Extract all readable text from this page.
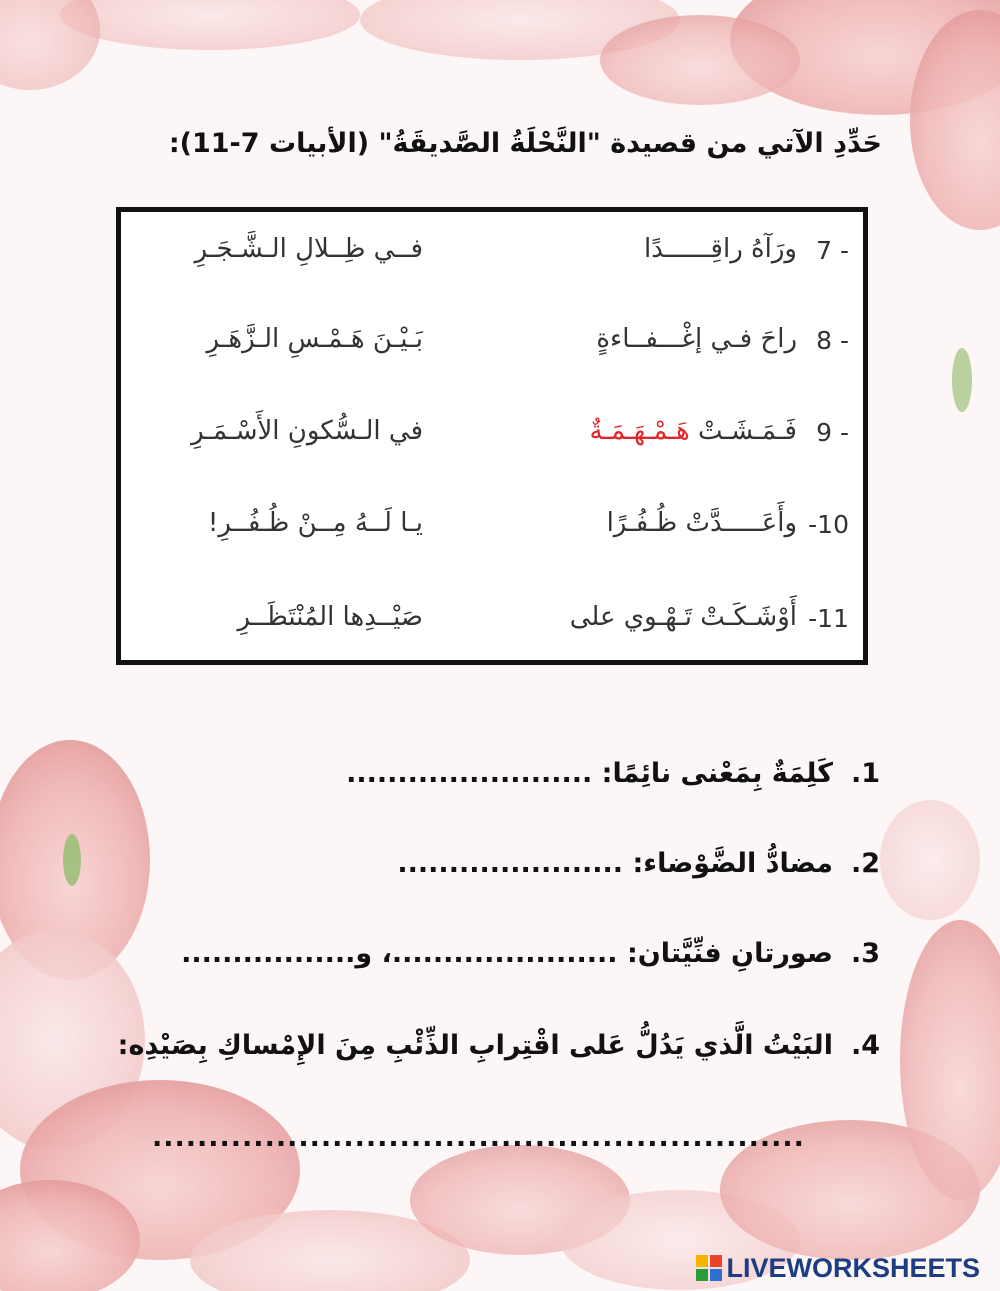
حَدِّدِ الآتي من قصيدة "النَّحْلَةُ الصَّديقَةُ" (الأبيات 7-11):
7 -
ورَآهُ راقِــــــدًا
فــي ظِــلالِ الـشَّـجَـرِ
8 -
راحَ فـي إغْـــفــاءةٍ
بَـيْـنَ هَـمْـسِ الـزَّهَـرِ
9 -
فَـمَـشَـتْ هَـمْـهَـمَـةٌ
في الـسُّكونِ الأَسْـمَـرِ
-10
وأَعَـــــدَّتْ ظُـفُـرًا
يـا لَــهُ مِــنْ ظُـفُــرِ!
-11
أَوْشَـكَـتْ تَـهْـوي على
صَيْــدِها المُنْتَظَــرِ
.1كَلِمَةٌ بِمَعْنى نائِمًا: ........................
.2مضادُّ الضَّوْضاء: ......................
.3صورتانِ فنِّيَّتان: ......................، و.................
.4البَيْتُ الَّذي يَدُلُّ عَلى اقْتِرابِ الذِّئْبِ مِنَ الإِمْساكِ بِصَيْدِه:
..........................................................
LIVEWORKSHEETS
